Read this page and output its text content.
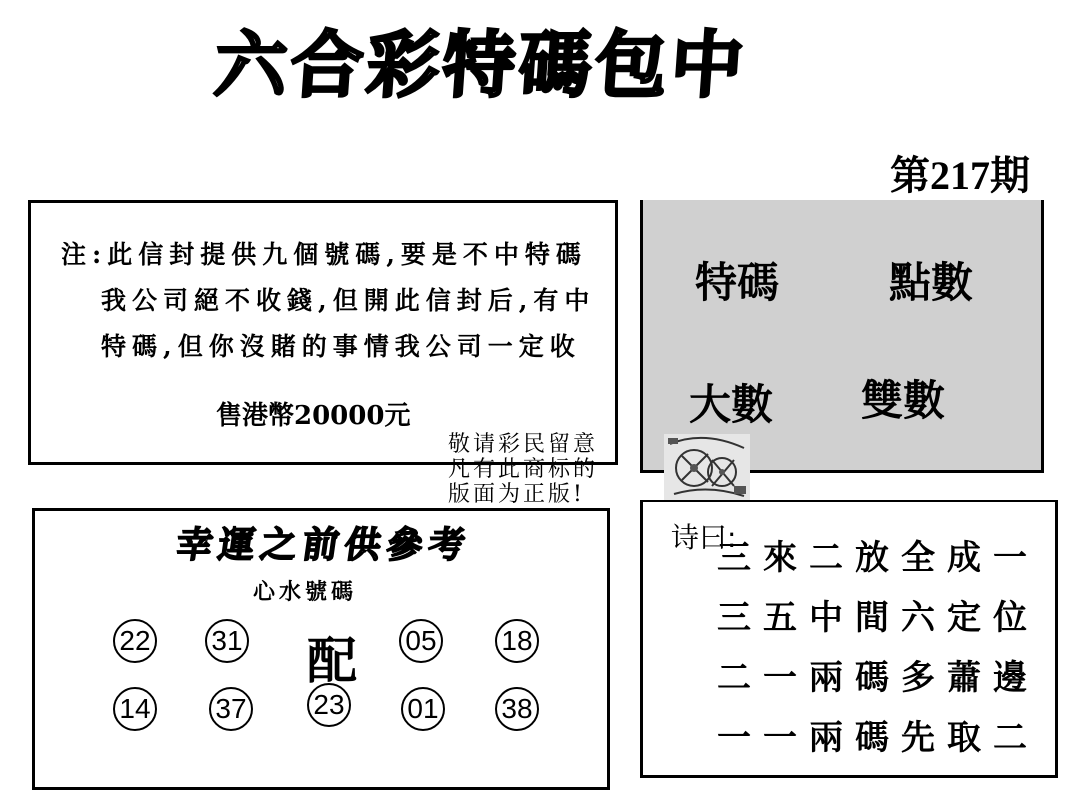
六合彩特碼包中
第217期
注:此信封提供九個號碼,要是不中特碼
我公司絕不收錢,但開此信封后,有中
特碼,但你沒賭的事情我公司一定收
售港幣20000元
特碼	點數
大數 雙數
敬请彩民留意
凡有此商标的
版面为正版!
幸運之前供參考
心水號碼
22 31 配 05 18
14 37 23 01 38
诗曰:
三來二放全成一
三五中間六定位
二一兩碼多蕭邊
一一兩碼先取二
